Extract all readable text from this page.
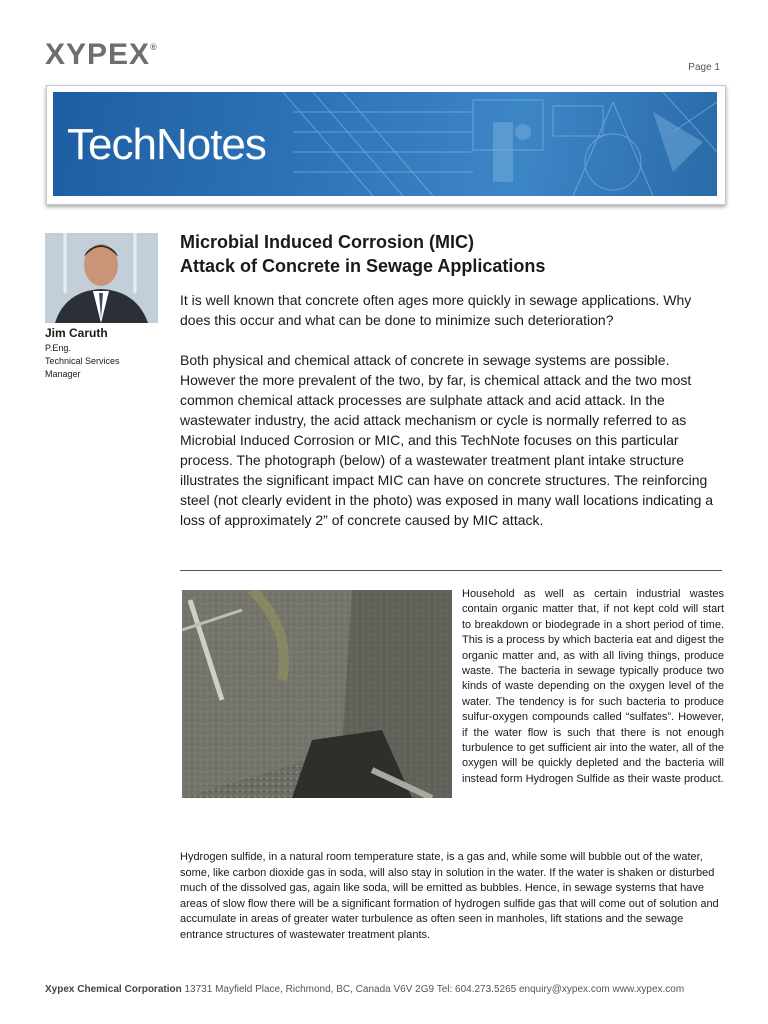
XYPEX®
Page 1
TechNotes
Jim Caruth
P.Eng.
Technical Services Manager
Microbial Induced Corrosion (MIC)
Attack of Concrete in Sewage Applications
It is well known that concrete often ages more quickly in sewage applications. Why does this occur and what can be done to minimize such deterioration?
Both physical and chemical attack of concrete in sewage systems are possible. However the more prevalent of the two, by far, is chemical attack and the two most common chemical attack processes are sulphate attack and acid attack. In the wastewater industry, the acid attack mechanism or cycle is normally referred to as Microbial Induced Corrosion or MIC, and this TechNote focuses on this particular process. The photograph (below) of a wastewater treatment plant intake structure illustrates the significant impact MIC can have on concrete structures. The reinforcing steel (not clearly evident in the photo) was exposed in many wall locations indicating a loss of approximately 2” of concrete caused by MIC attack.
Household as well as certain industrial wastes contain organic matter that, if not kept cold will start to breakdown or biodegrade in a short period of time. This is a process by which bacteria eat and digest the organic matter and, as with all living things, produce waste. The bacteria in sewage typically produce two kinds of waste depending on the oxygen level of the water. The tendency is for such bacteria to produce sulfur-oxygen compounds called “sulfates”. However, if the water flow is such that there is not enough turbulence to get sufficient air into the water, all of the oxygen will be quickly depleted and the bacteria will instead form Hydrogen Sulfide as their waste product.
Hydrogen sulfide, in a natural room temperature state, is a gas and, while some will bubble out of the water, some, like carbon dioxide gas in soda, will also stay in solution in the water. If the water is shaken or disturbed much of the dissolved gas, again like soda, will be emitted as bubbles. Hence, in sewage systems that have areas of slow flow there will be a significant formation of hydrogen sulfide gas that will come out of solution and accumulate in areas of greater water turbulence as often seen in manholes, lift stations and the sewage entrance structures of wastewater treatment plants.
Xypex Chemical Corporation 13731 Mayfield Place, Richmond, BC, Canada V6V 2G9 Tel: 604.273.5265 enquiry@xypex.com www.xypex.com
